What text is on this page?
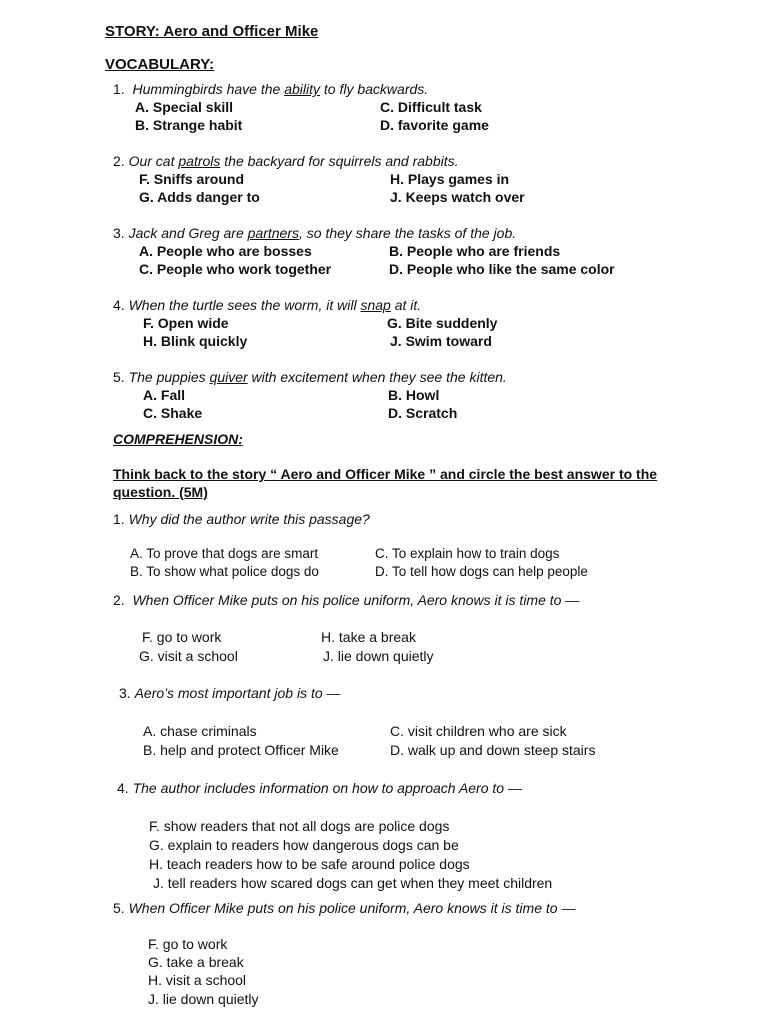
STORY: Aero and Officer Mike
VOCABULARY:
1. Hummingbirds have the ability to fly backwards.
A. Special skill	C. Difficult task
B. Strange habit	D. favorite game
2. Our cat patrols the backyard for squirrels and rabbits.
F. Sniffs around	H. Plays games in
G. Adds danger to	J. Keeps watch over
3. Jack and Greg are partners, so they share the tasks of the job.
A. People who are bosses	B. People who are friends
C. People who work together	D. People who like the same color
4. When the turtle sees the worm, it will snap at it.
F. Open wide	G. Bite suddenly
H. Blink quickly	J. Swim toward
5. The puppies quiver with excitement when they see the kitten.
A. Fall	B. Howl
C. Shake	D. Scratch
COMPREHENSION:
Think back to the story “ Aero and Officer Mike ” and circle the best answer to the
question. (5M)
1. Why did the author write this passage?
A. To prove that dogs are smart	C. To explain how to train dogs
B. To show what police dogs do	D. To tell how dogs can help people
2. When Officer Mike puts on his police uniform, Aero knows it is time to —
F. go to work	H. take a break
G. visit a school	J. lie down quietly
3. Aero’s most important job is to —
A. chase criminals	C. visit children who are sick
B. help and protect Officer Mike	D. walk up and down steep stairs
4. The author includes information on how to approach Aero to —
F. show readers that not all dogs are police dogs
G. explain to readers how dangerous dogs can be
H. teach readers how to be safe around police dogs
J. tell readers how scared dogs can get when they meet children
5. When Officer Mike puts on his police uniform, Aero knows it is time to —
F. go to work
G. take a break
H. visit a school
J. lie down quietly
